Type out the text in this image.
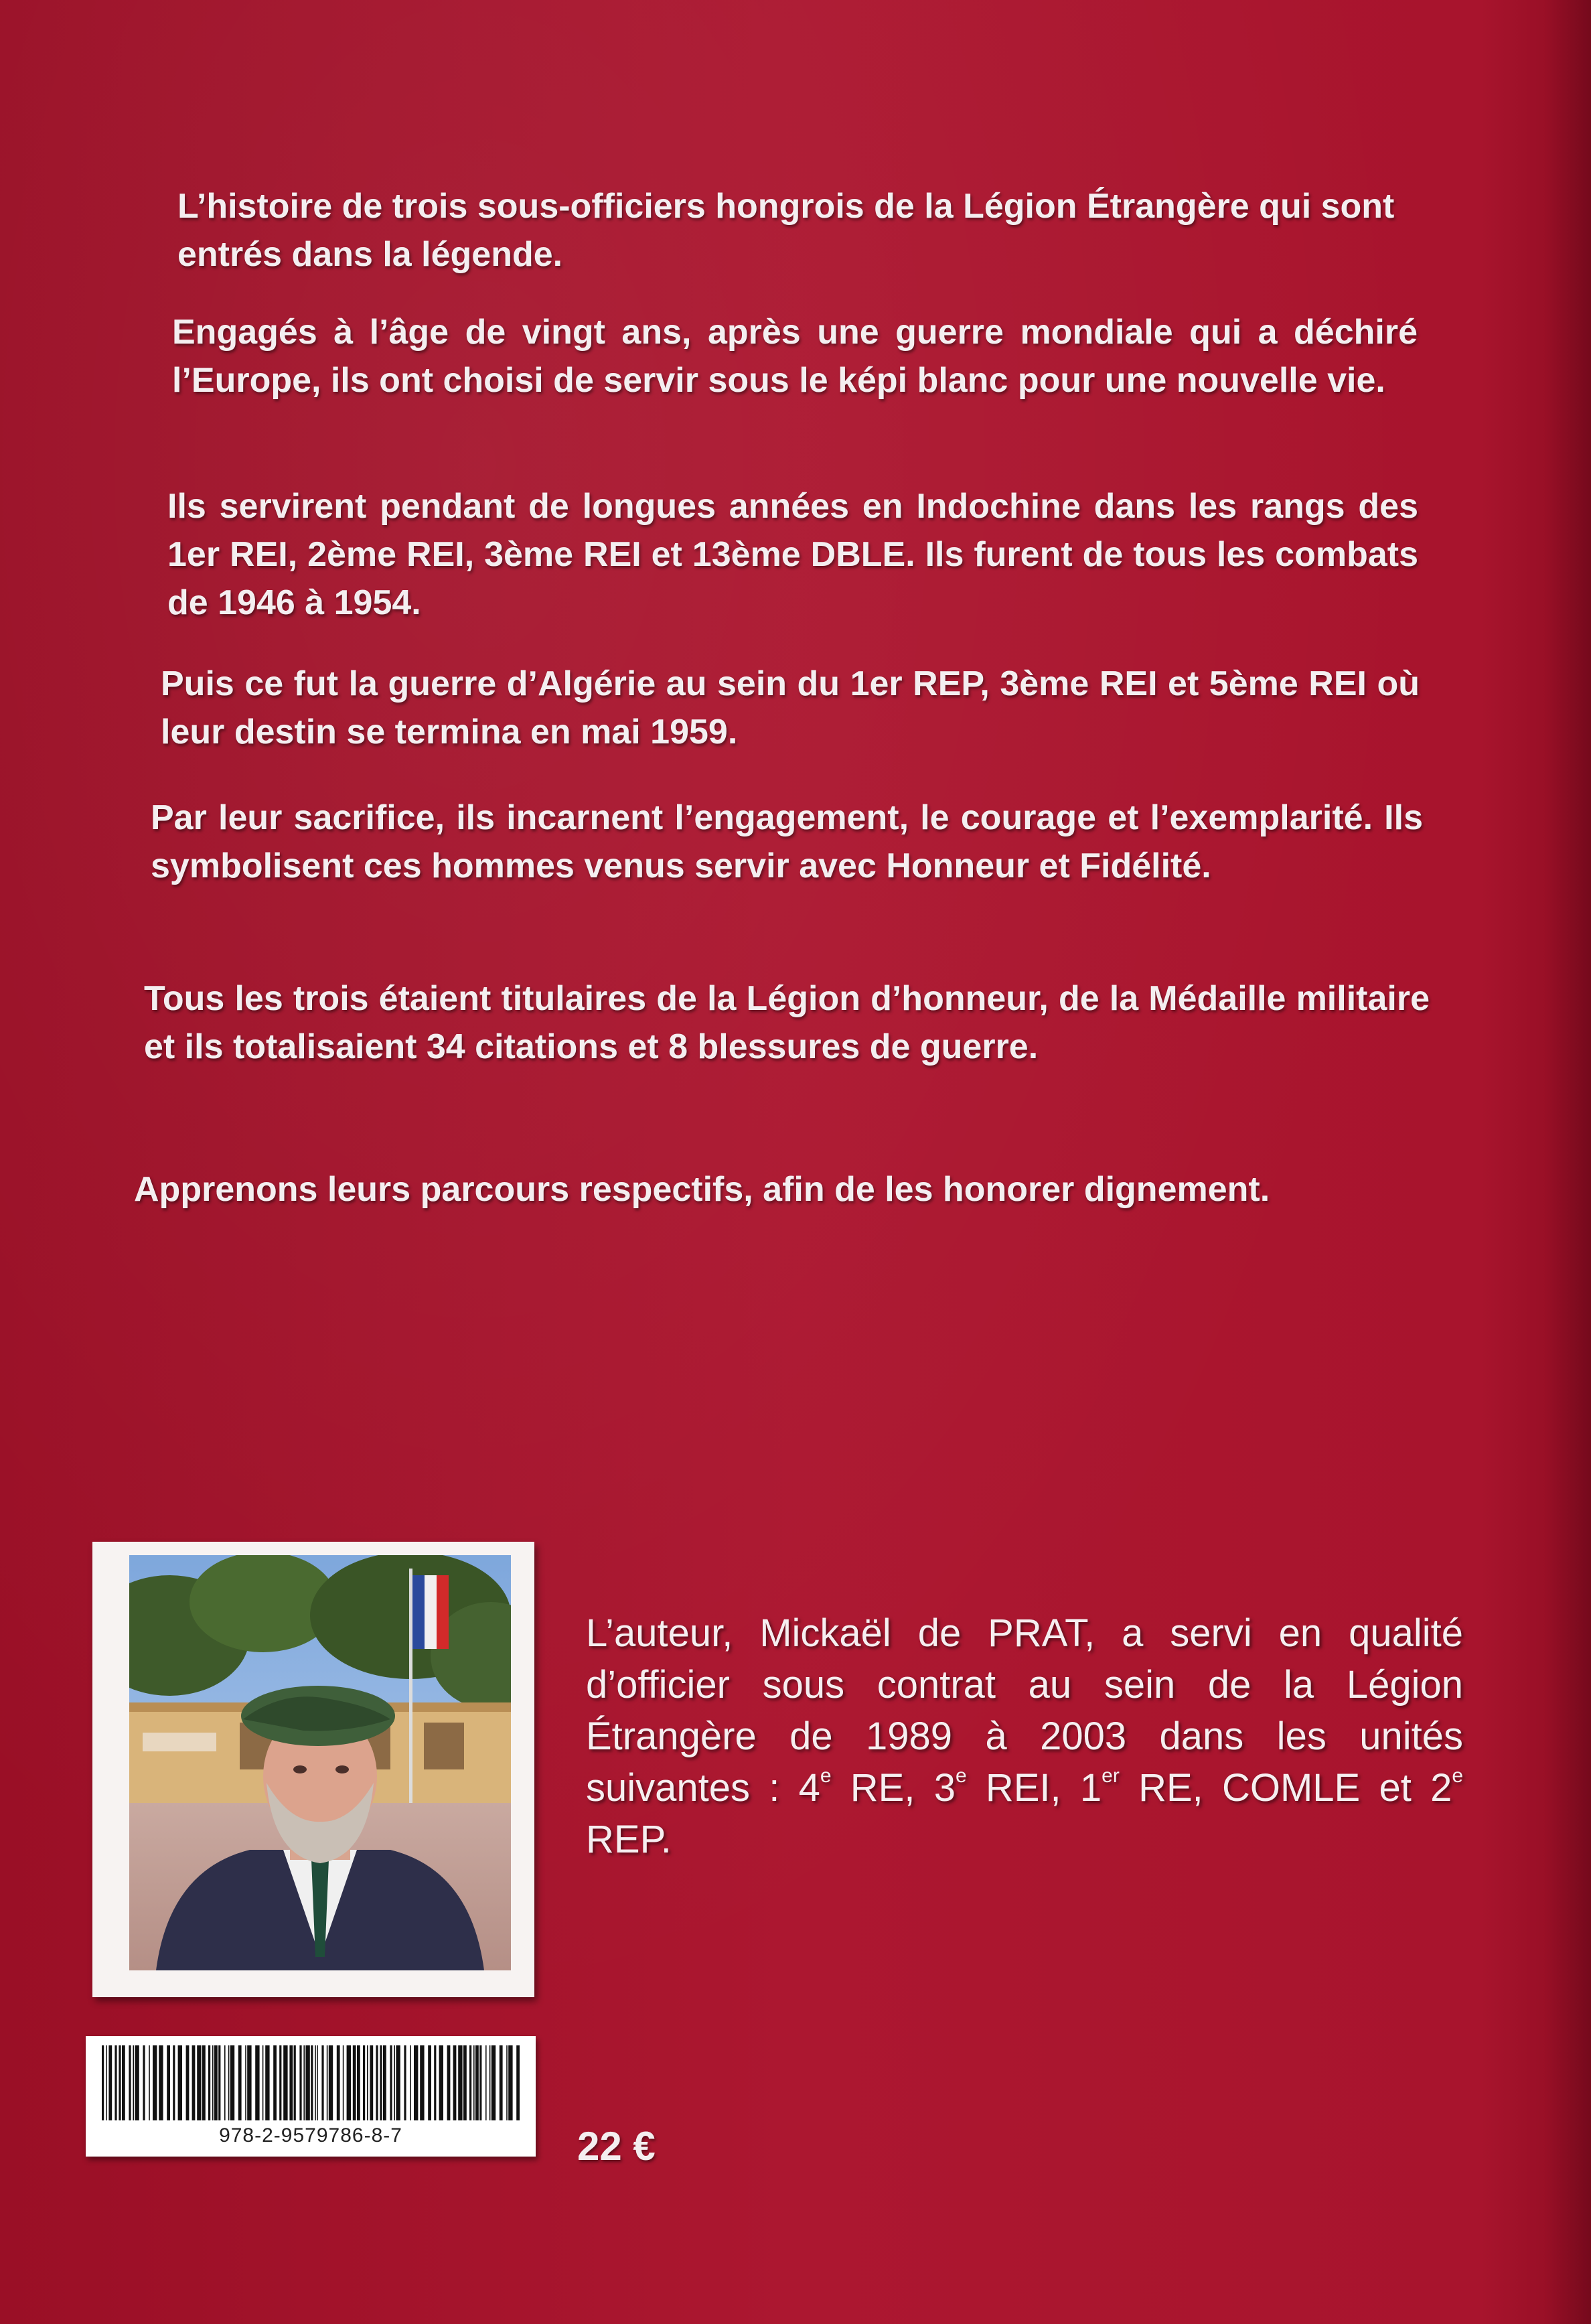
L’histoire de trois sous-officiers hongrois de la Légion Étrangère qui sont entrés dans la légende.

Engagés à l’âge de vingt ans, après une guerre mondiale qui a déchiré l’Europe, ils ont choisi de servir sous le képi blanc pour une nouvelle vie.

Ils servirent pendant de longues années en Indochine dans les rangs des 1er REI, 2ème REI, 3ème REI et 13ème DBLE. Ils furent de tous les combats de 1946 à 1954.

Puis ce fut la guerre d’Algérie au sein du 1er REP, 3ème REI et 5ème REI où leur destin se termina en mai 1959.

Par leur sacrifice, ils incarnent l’engagement, le courage et l’exemplarité. Ils symbolisent ces hommes venus servir avec Honneur et Fidélité.

Tous les trois étaient titulaires de la Légion d’honneur, de la Médaille militaire et ils totalisaient 34 citations et 8 blessures de guerre.

Apprenons leurs parcours respectifs, afin de les honorer dignement.

L’auteur, Mickaël de PRAT, a servi en qualité d’officier sous contrat au sein de la Légion Étrangère de 1989 à 2003 dans les unités suivantes : 4e RE, 3e REI, 1er RE, COMLE et 2e REP.

978-2-9579786-8-7	22 €
